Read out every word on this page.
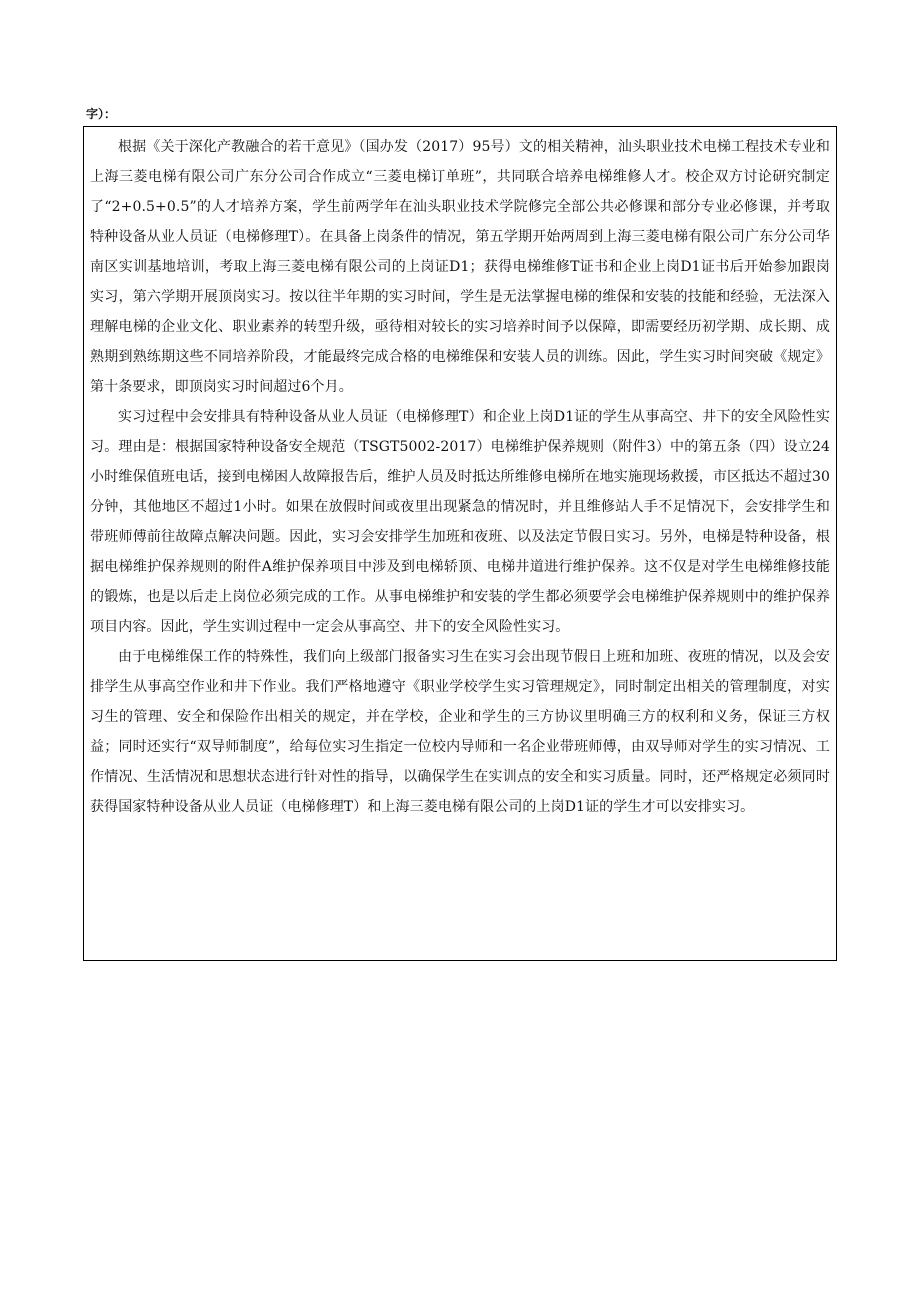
字）：

根据《关于深化产教融合的若干意见》（国办发（2017）95号）文的相关精神，汕头职业技术电梯工程技术专业和上海三菱电梯有限公司广东分公司合作成立“三菱电梯订单班”，共同联合培养电梯维修人才。校企双方讨论研究制定了“2+0.5+0.5”的人才培养方案，学生前两学年在汕头职业技术学院修完全部公共必修课和部分专业必修课，并考取特种设备从业人员证（电梯修理T）。在具备上岗条件的情况，第五学期开始两周到上海三菱电梯有限公司广东分公司华南区实训基地培训，考取上海三菱电梯有限公司的上岗证D1；获得电梯维修T证书和企业上岗D1证书后开始参加跟岗实习，第六学期开展顶岗实习。按以往半年期的实习时间，学生是无法掌握电梯的维保和安装的技能和经验，无法深入理解电梯的企业文化、职业素养的转型升级，亟待相对较长的实习培养时间予以保障，即需要经历初学期、成长期、成熟期到熟练期这些不同培养阶段，才能最终完成合格的电梯维保和安装人员的训练。因此，学生实习时间突破《规定》第十条要求，即顶岗实习时间超过6个月。

实习过程中会安排具有特种设备从业人员证（电梯修理T）和企业上岗D1证的学生从事高空、井下的安全风险性实习。理由是：根据国家特种设备安全规范（TSGT5002-2017）电梯维护保养规则（附件3）中的第五条（四）设立24小时维保值班电话，接到电梯困人故障报告后，维护人员及时抵达所维修电梯所在地实施现场救援，市区抵达不超过30分钟，其他地区不超过1小时。如果在放假时间或夜里出现紧急的情况时，并且维修站人手不足情况下，会安排学生和带班师傅前往故障点解决问题。因此，实习会安排学生加班和夜班、以及法定节假日实习。另外，电梯是特种设备，根据电梯维护保养规则的附件A维护保养项目中涉及到电梯轿顶、电梯井道进行维护保养。这不仅是对学生电梯维修技能的锻炼，也是以后走上岗位必须完成的工作。从事电梯维护和安装的学生都必须要学会电梯维护保养规则中的维护保养项目内容。因此，学生实训过程中一定会从事高空、井下的安全风险性实习。

由于电梯维保工作的特殊性，我们向上级部门报备实习生在实习会出现节假日上班和加班、夜班的情况，以及会安排学生从事高空作业和井下作业。我们严格地遵守《职业学校学生实习管理规定》，同时制定出相关的管理制度，对实习生的管理、安全和保险作出相关的规定，并在学校，企业和学生的三方协议里明确三方的权利和义务，保证三方权益；同时还实行“双导师制度”，给每位实习生指定一位校内导师和一名企业带班师傅，由双导师对学生的实习情况、工作情况、生活情况和思想状态进行针对性的指导，以确保学生在实训点的安全和实习质量。同时，还严格规定必须同时获得国家特种设备从业人员证（电梯修理T）和上海三菱电梯有限公司的上岗D1证的学生才可以安排实习。
